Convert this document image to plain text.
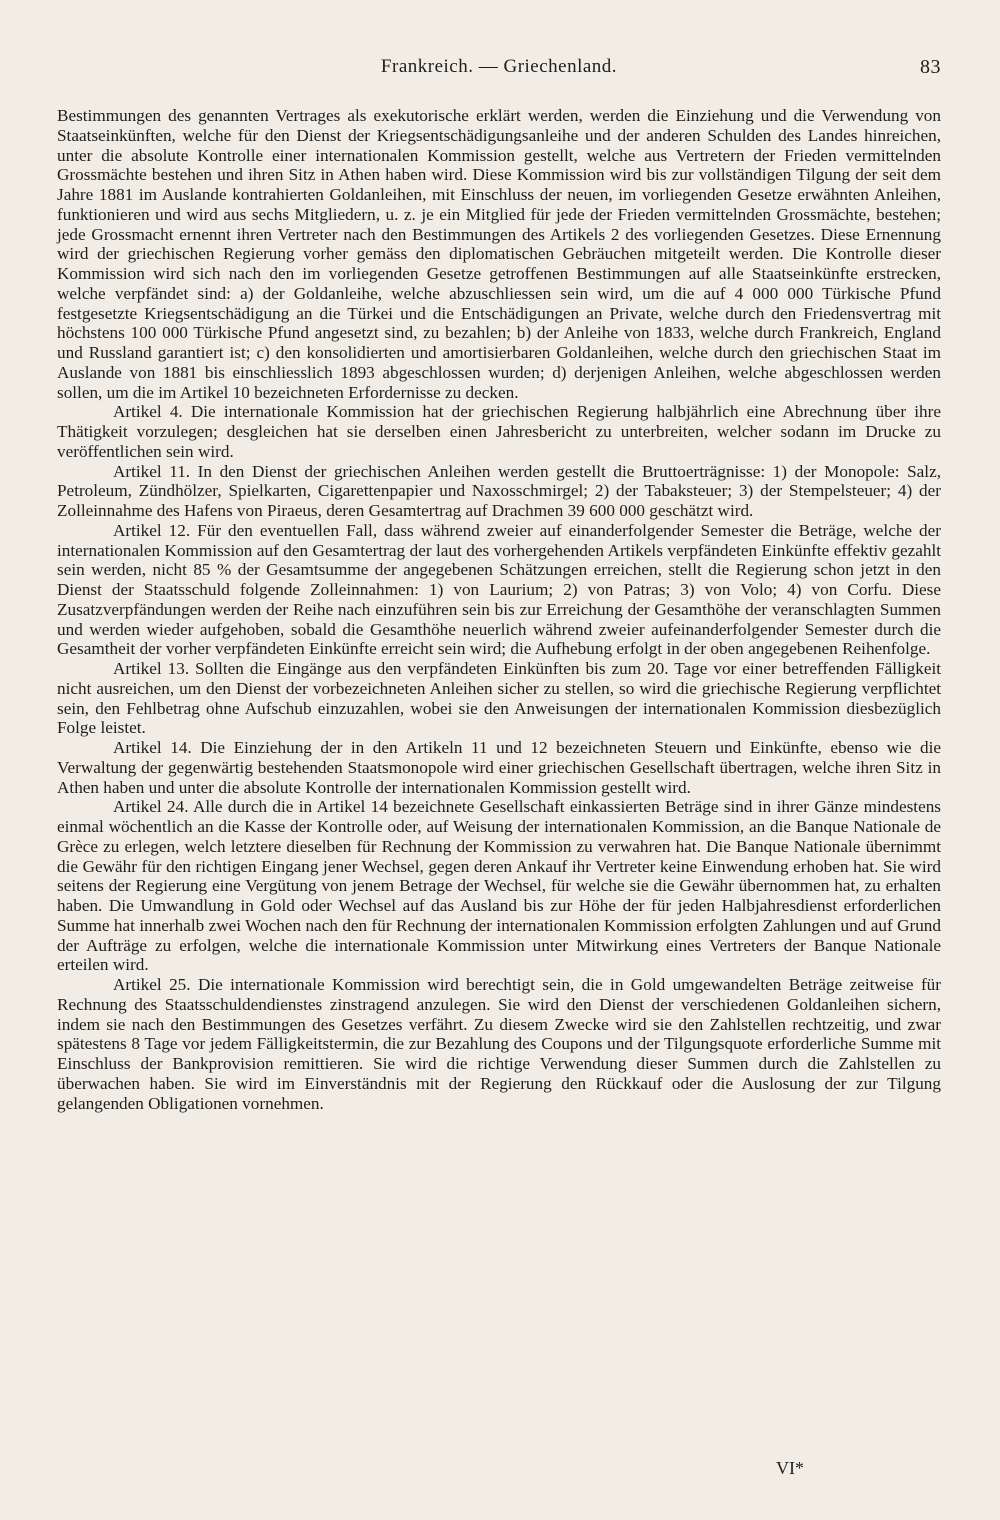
Frankreich. — Griechenland.	83

Bestimmungen des genannten Vertrages als exekutorische erklärt werden, werden die Einziehung und die Verwendung von Staatseinkünften, welche für den Dienst der Kriegsentschädigungsanleihe und der anderen Schulden des Landes hinreichen, unter die absolute Kontrolle einer internationalen Kommission gestellt, welche aus Vertretern der Frieden vermittelnden Grossmächte bestehen und ihren Sitz in Athen haben wird. Diese Kommission wird bis zur vollständigen Tilgung der seit dem Jahre 1881 im Auslande kontrahierten Goldanleihen, mit Einschluss der neuen, im vorliegenden Gesetze erwähnten Anleihen, funktionieren und wird aus sechs Mitgliedern, u. z. je ein Mitglied für jede der Frieden vermittelnden Grossmächte, bestehen; jede Grossmacht ernennt ihren Vertreter nach den Bestimmungen des Artikels 2 des vorliegenden Gesetzes. Diese Ernennung wird der griechischen Regierung vorher gemäss den diplomatischen Gebräuchen mitgeteilt werden. Die Kontrolle dieser Kommission wird sich nach den im vorliegenden Gesetze getroffenen Bestimmungen auf alle Staatseinkünfte erstrecken, welche verpfändet sind: a) der Goldanleihe, welche abzuschliessen sein wird, um die auf 4 000 000 Türkische Pfund festgesetzte Kriegsentschädigung an die Türkei und die Entschädigungen an Private, welche durch den Friedensvertrag mit höchstens 100 000 Türkische Pfund angesetzt sind, zu bezahlen; b) der Anleihe von 1833, welche durch Frankreich, England und Russland garantiert ist; c) den konsolidierten und amortisierbaren Goldanleihen, welche durch den griechischen Staat im Auslande von 1881 bis einschliesslich 1893 abgeschlossen wurden; d) derjenigen Anleihen, welche abgeschlossen werden sollen, um die im Artikel 10 bezeichneten Erfordernisse zu decken.

Artikel 4. Die internationale Kommission hat der griechischen Regierung halbjährlich eine Abrechnung über ihre Thätigkeit vorzulegen; desgleichen hat sie derselben einen Jahresbericht zu unterbreiten, welcher sodann im Drucke zu veröffentlichen sein wird.

Artikel 11. In den Dienst der griechischen Anleihen werden gestellt die Bruttoerträgnisse: 1) der Monopole: Salz, Petroleum, Zündhölzer, Spielkarten, Cigarettenpapier und Naxosschmirgel; 2) der Tabaksteuer; 3) der Stempelsteuer; 4) der Zolleinnahme des Hafens von Piraeus, deren Gesamtertrag auf Drachmen 39 600 000 geschätzt wird.

Artikel 12. Für den eventuellen Fall, dass während zweier auf einanderfolgender Semester die Beträge, welche der internationalen Kommission auf den Gesamtertrag der laut des vorhergehenden Artikels verpfändeten Einkünfte effektiv gezahlt sein werden, nicht 85 % der Gesamtsumme der angegebenen Schätzungen erreichen, stellt die Regierung schon jetzt in den Dienst der Staatsschuld folgende Zolleinnahmen: 1) von Laurium; 2) von Patras; 3) von Volo; 4) von Corfu. Diese Zusatzverpfändungen werden der Reihe nach einzuführen sein bis zur Erreichung der Gesamthöhe der veranschlagten Summen und werden wieder aufgehoben, sobald die Gesamthöhe neuerlich während zweier aufeinanderfolgender Semester durch die Gesamtheit der vorher verpfändeten Einkünfte erreicht sein wird; die Aufhebung erfolgt in der oben angegebenen Reihenfolge.

Artikel 13. Sollten die Eingänge aus den verpfändeten Einkünften bis zum 20. Tage vor einer betreffenden Fälligkeit nicht ausreichen, um den Dienst der vorbezeichneten Anleihen sicher zu stellen, so wird die griechische Regierung verpflichtet sein, den Fehlbetrag ohne Aufschub einzuzahlen, wobei sie den Anweisungen der internationalen Kommission diesbezüglich Folge leistet.

Artikel 14. Die Einziehung der in den Artikeln 11 und 12 bezeichneten Steuern und Einkünfte, ebenso wie die Verwaltung der gegenwärtig bestehenden Staatsmonopole wird einer griechischen Gesellschaft übertragen, welche ihren Sitz in Athen haben und unter die absolute Kontrolle der internationalen Kommission gestellt wird.

Artikel 24. Alle durch die in Artikel 14 bezeichnete Gesellschaft einkassierten Beträge sind in ihrer Gänze mindestens einmal wöchentlich an die Kasse der Kontrolle oder, auf Weisung der internationalen Kommission, an die Banque Nationale de Grèce zu erlegen, welch letztere dieselben für Rechnung der Kommission zu verwahren hat. Die Banque Nationale übernimmt die Gewähr für den richtigen Eingang jener Wechsel, gegen deren Ankauf ihr Vertreter keine Einwendung erhoben hat. Sie wird seitens der Regierung eine Vergütung von jenem Betrage der Wechsel, für welche sie die Gewähr übernommen hat, zu erhalten haben. Die Umwandlung in Gold oder Wechsel auf das Ausland bis zur Höhe der für jeden Halbjahresdienst erforderlichen Summe hat innerhalb zwei Wochen nach den für Rechnung der internationalen Kommission erfolgten Zahlungen und auf Grund der Aufträge zu erfolgen, welche die internationale Kommission unter Mitwirkung eines Vertreters der Banque Nationale erteilen wird.

Artikel 25. Die internationale Kommission wird berechtigt sein, die in Gold umgewandelten Beträge zeitweise für Rechnung des Staatsschuldendienstes zinstragend anzulegen. Sie wird den Dienst der verschiedenen Goldanleihen sichern, indem sie nach den Bestimmungen des Gesetzes verfährt. Zu diesem Zwecke wird sie den Zahlstellen rechtzeitig, und zwar spätestens 8 Tage vor jedem Fälligkeitstermin, die zur Bezahlung des Coupons und der Tilgungsquote erforderliche Summe mit Einschluss der Bankprovision remittieren. Sie wird die richtige Verwendung dieser Summen durch die Zahlstellen zu überwachen haben. Sie wird im Einverständnis mit der Regierung den Rückkauf oder die Auslosung der zur Tilgung gelangenden Obligationen vornehmen.

VI*
